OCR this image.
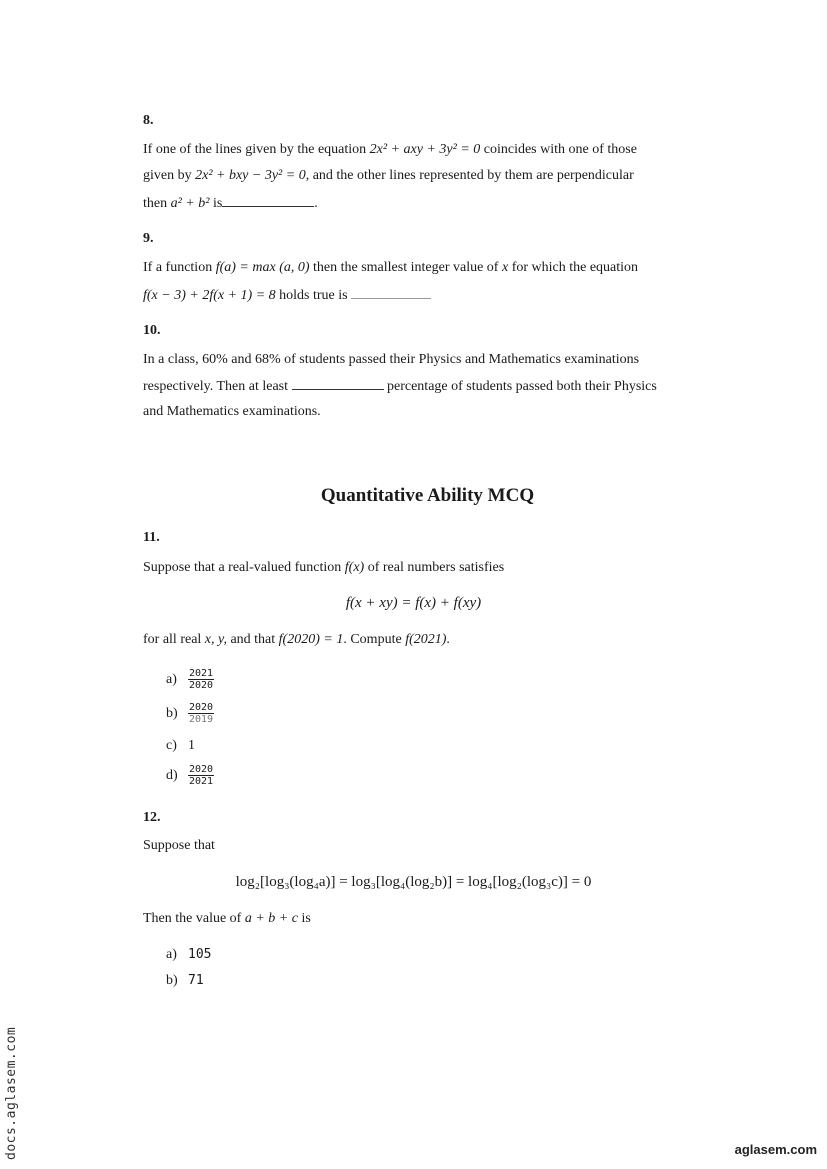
8.
If one of the lines given by the equation 2x² + axy + 3y² = 0 coincides with one of those
given by 2x² + bxy − 3y² = 0, and the other lines represented by them are perpendicular
then a² + b² is	.
9.
If a function f(a) = max (a, 0) then the smallest integer value of x for which the equation
f(x − 3) + 2f(x + 1) = 8 holds true is
10.
In a class, 60% and 68% of students passed their Physics and Mathematics examinations
respectively. Then at least	percentage of students passed both their Physics
and Mathematics examinations.
Quantitative Ability MCQ
11.
Suppose that a real-valued function f(x) of real numbers satisfies
f(x + xy) = f(x) + f(xy)
for all real x, y, and that f(2020) = 1. Compute f(2021).
$a) \frac{2021}{2020}$
$b) \frac{2020}{2019}$
c) 1
$d) \frac{2020}{2021}$
12.
Suppose that
log₂[log₃(log₄a)] = log₃[log₄(log₂b)] = log₄[log₂(log₃c)] = 0
Then the value of a + b + c is
a) 105
b) 71
docs.aglasem.com	aglasem.com
